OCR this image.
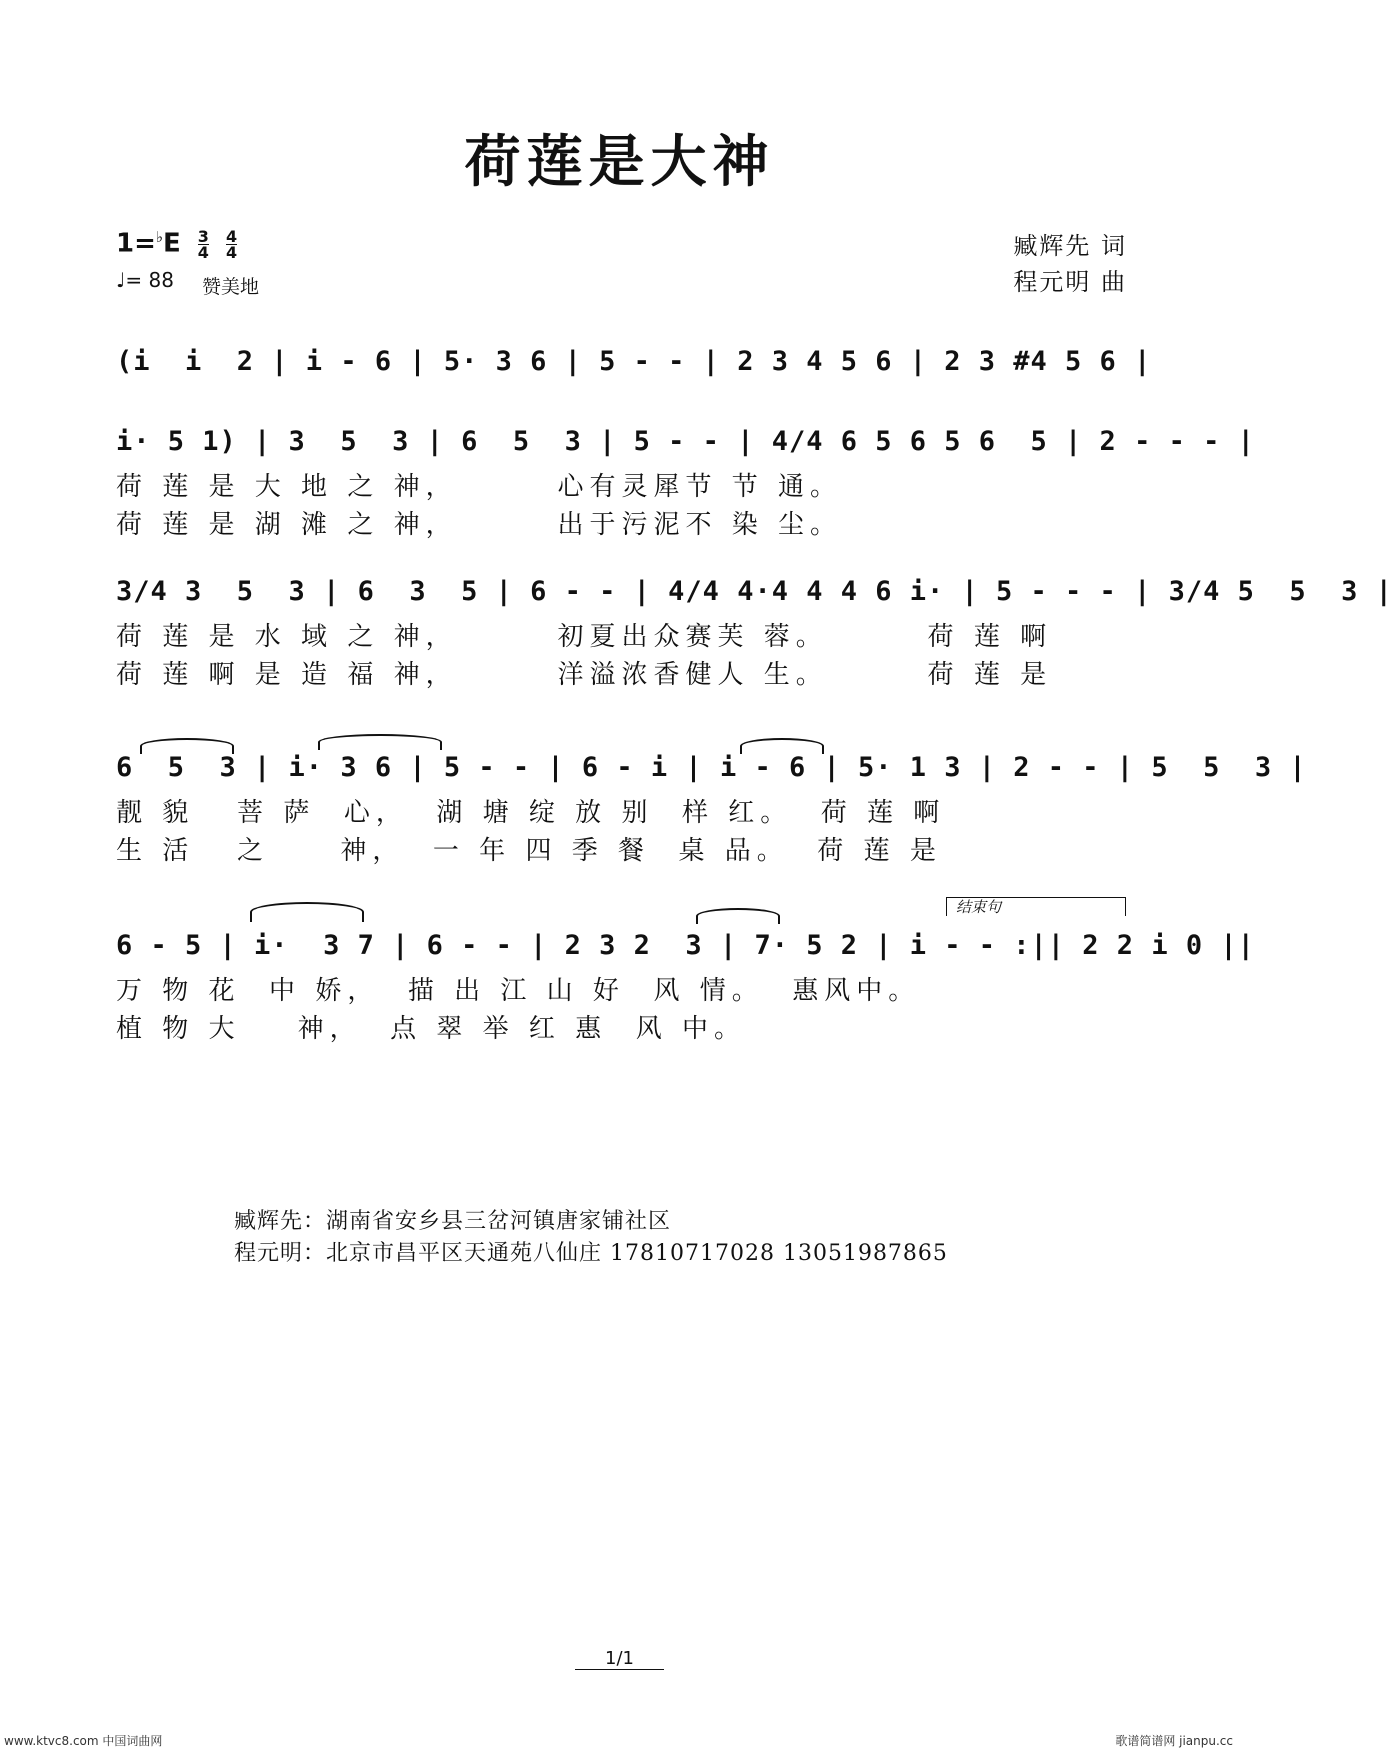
荷莲是大神
$1=^♭E \frac{3}{4}$
$\frac{4}{4}$
♩= 88 赞美地
臧辉先 词
程元明 曲
(i  i  2 | i - 6 | 5· 3 6 | 5 - - | 2 3 4 5 6 | 2 3 #4 5 6 |
i· 5 1) | 3  5  3 | 6  5  3 | 5 - - | 4/4 6 5 6 5 6  5 | 2 - - - |
荷 莲 是 大 地 之 神，       心有灵犀节 节 通。
荷 莲 是 湖 滩 之 神，       出于污泥不 染 尘。
3/4 3  5  3 | 6  3  5 | 6 - - | 4/4 4·4 4 4 6 i· | 5 - - - | 3/4 5  5  3 |
荷 莲 是 水 域 之 神，       初夏出众赛芙 蓉。       荷 莲 啊
荷 莲 啊 是 造 福 神，       洋溢浓香健人 生。       荷 莲 是
6  5  3 | i· 3 6 | 5 - - | 6 - i | i - 6 | 5· 1 3 | 2 - - | 5  5  3 |
靓 貌   菩 萨  心，  湖 塘 绽 放 别  样 红。  荷 莲 啊
生 活   之     神，  一 年 四 季 餐  桌 品。  荷 莲 是
结束句
6 - 5 | i·  3 7 | 6 - - | 2 3 2  3 | 7· 5 2 | i - - :|| 2 2 i 0 ||
万 物 花  中 娇，  描 出 江 山 好  风 情。  惠风中。
植 物 大    神，  点 翠 举 红 惠  风 中。
臧辉先：湖南省安乡县三岔河镇唐家铺社区
程元明：北京市昌平区天通苑八仙庄 17810717028 13051987865
1/1
www.ktvc8.com 中国词曲网	歌谱简谱网 jianpu.cc
